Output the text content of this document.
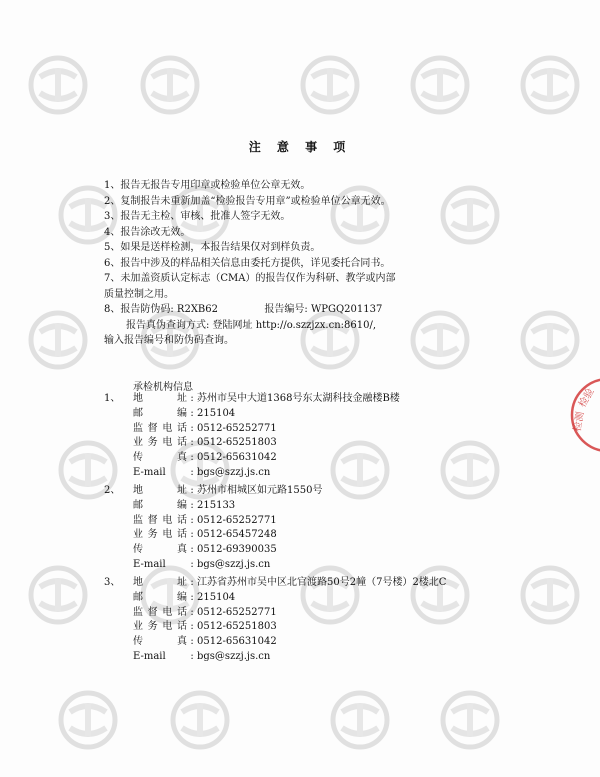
注 意 事 项
1、报告无报告专用印章或检验单位公章无效。
2、复制报告未重新加盖“检验报告专用章”或检验单位公章无效。
3、报告无主检、审核、批准人签字无效。
4、报告涂改无效。
5、如果是送样检测，本报告结果仅对到样负责。
6、报告中涉及的样品相关信息由委托方提供，详见委托合同书。
7、未加盖资质认定标志（CMA）的报告仅作为科研、教学或内部
质量控制之用。
8、报告防伪码: R2XB62	报告编号: WPGQ201137
报告真伪查询方式: 登陆网址 http://o.szzjzx.cn:8610/,
输入报告编号和防伪码查询。
承检机构信息
1、	地 址 : 苏州市吴中大道1368号东太湖科技金融楼B楼
邮 编 : 215104
监督电话 : 0512-65252771
业务电话 : 0512-65251803
传 真 : 0512-65631042
E-mail	: bgs@szzj.js.cn
2、	地 址 : 苏州市相城区如元路1550号
邮 编 : 215133
监督电话 : 0512-65252771
业务电话 : 0512-65457248
传 真 : 0512-69390035
E-mail	: bgs@szzj.js.cn
3、	地 址 : 江苏省苏州市吴中区北官渡路50号2幢（7号楼）2楼北C
邮 编 : 215104
监督电话 : 0512-65252771
业务电话 : 0512-65251803
传 真 : 0512-65631042
E-mail	: bgs@szzj.js.cn
检验
检测
